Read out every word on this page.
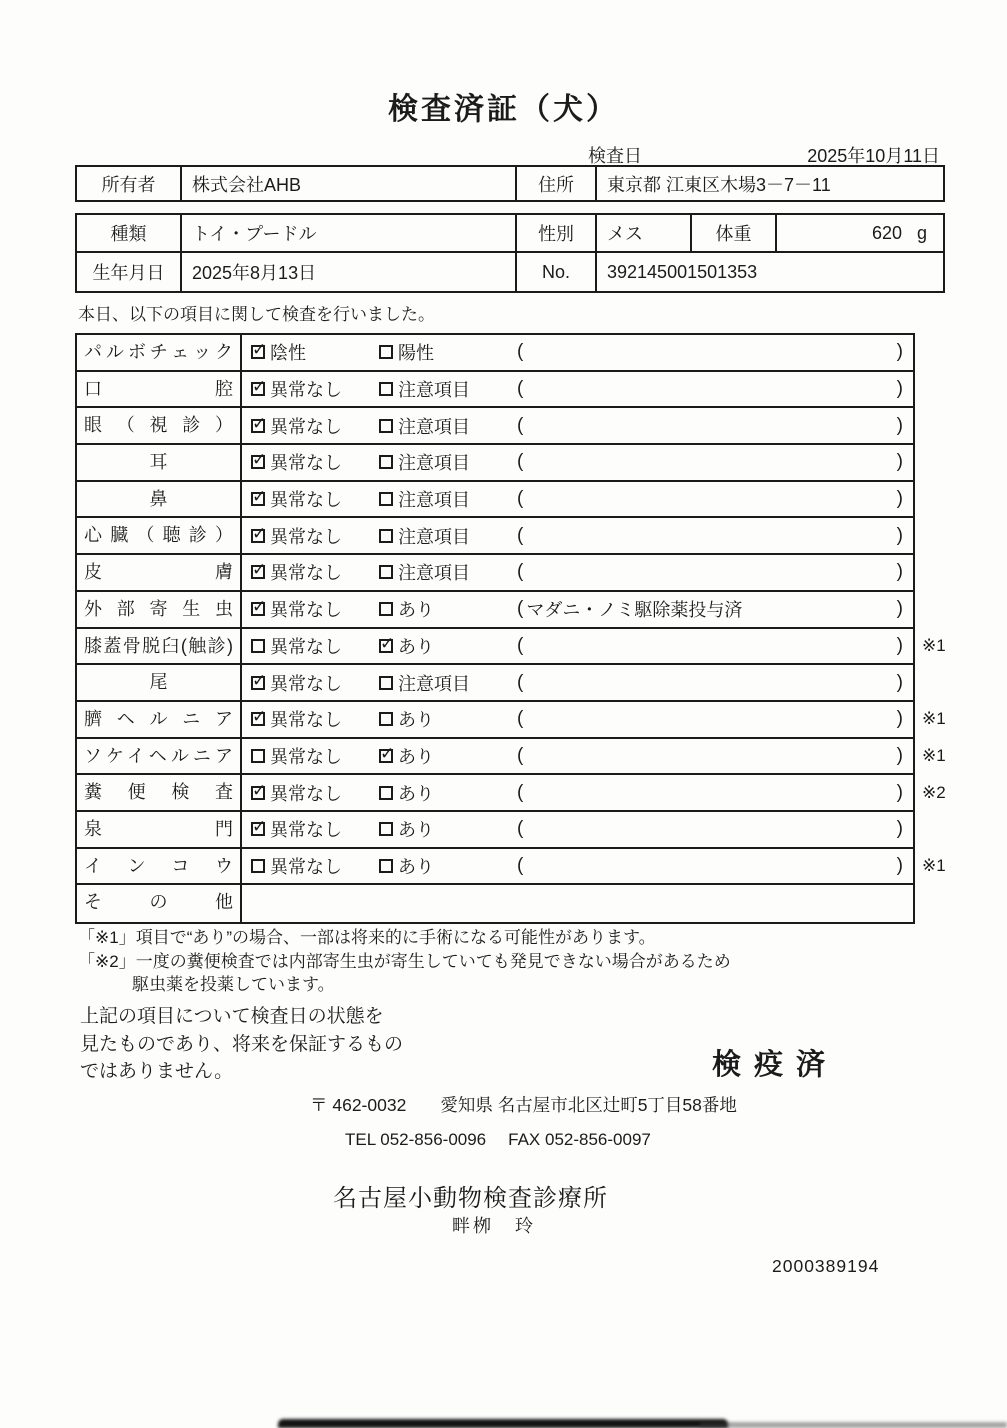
検査済証（犬）
検査日	2025年10月11日
所有者	株式会社AHB	住所	東京都 江東区木場3－7－11
種類	トイ・プードル	性別	メス	体重	620 g
生年月日	2025年8月13日	No.	392145001501353
本日、以下の項目に関して検査を行いました。
パルボチェック ✓	陰性	陽性	(	)
口腔 ✓	異常なし	注意項目 (	)
眼（視診） ✓	異常なし	注意項目 (	)
耳 ✓	異常なし	注意項目 (	)
鼻 ✓	異常なし	注意項目 (	)
心臓（聴診） ✓	異常なし	注意項目 (	)
皮膚 ✓	異常なし	注意項目 (	)
外部寄生虫 ✓	異常なし	あり	( マダニ・ノミ駆除薬投与済	)
膝蓋骨脱臼(触診)	異常なし ✓	あり	(	)	※1
尾 ✓	異常なし	注意項目 (	)
臍ヘルニア ✓	異常なし	あり	(	)	※1
ソケイヘルニア	異常なし ✓	あり	(	)	※1
糞便検査 ✓	異常なし	あり	(	)	※2
泉門 ✓	異常なし	あり	(	)
インコウ	異常なし	あり	(	)	※1
その他
「※1」項目で“あり”の場合、一部は将来的に手術になる可能性があります。
「※2」一度の糞便検査では内部寄生虫が寄生していても発見できない場合があるため
駆虫薬を投薬しています。
上記の項目について検査日の状態を
見たものであり、将来を保証するもの
ではありません。	検疫済
〒 462-0032 愛知県 名古屋市北区辻町5丁目58番地
TEL 052-856-0096 FAX 052-856-0097
名古屋小動物検査診療所
畔栁　玲
2000389194
